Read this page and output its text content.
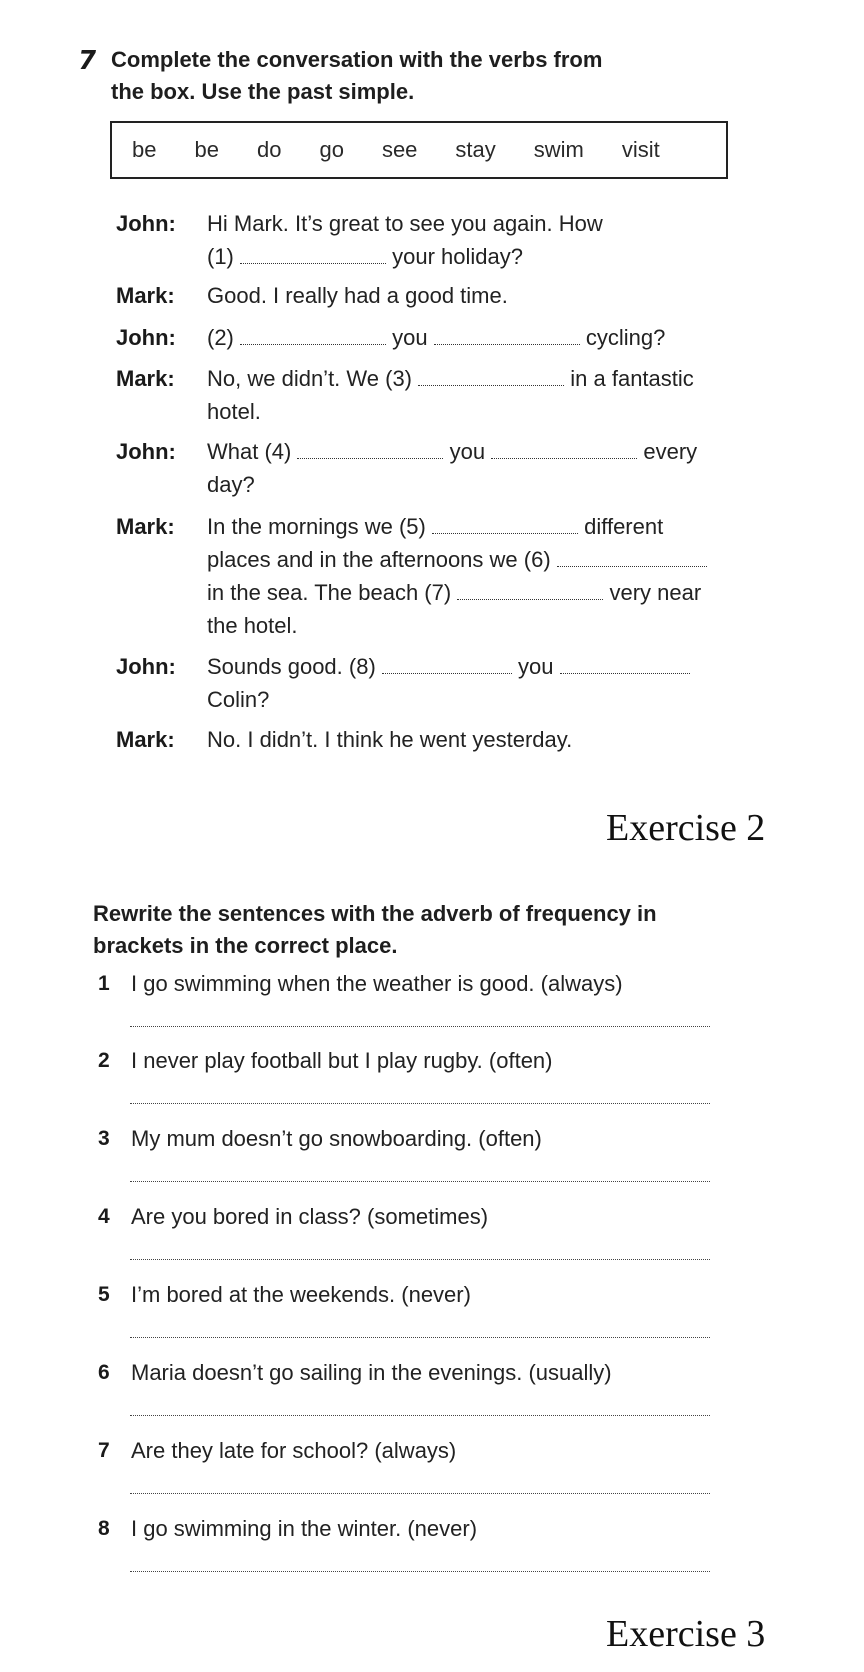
7 Complete the conversation with the verbs from
the box. Use the past simple.
be be do go see stay swim visit
John: Hi Mark. It’s great to see you again. How
(1)	your holiday?
Mark: Good. I really had a good time.
John: (2)	you	cycling?
Mark: No, we didn’t. We (3)	in a fantastic
hotel.
John: What (4)	you	every
day?
Mark: In the mornings we (5)	different
places and in the afternoons we (6)
in the sea. The beach (7)	very near
the hotel.
John: Sounds good. (8)	you
Colin?
Mark: No. I didn’t. I think he went yesterday.
Exercise 2
Rewrite the sentences with the adverb of frequency in
brackets in the correct place.
1 I go swimming when the weather is good. (always)
2 I never play football but I play rugby. (often)
3 My mum doesn’t go snowboarding. (often)
4 Are you bored in class? (sometimes)
5 I’m bored at the weekends. (never)
6 Maria doesn’t go sailing in the evenings. (usually)
7 Are they late for school? (always)
8 I go swimming in the winter. (never)
Exercise 3
